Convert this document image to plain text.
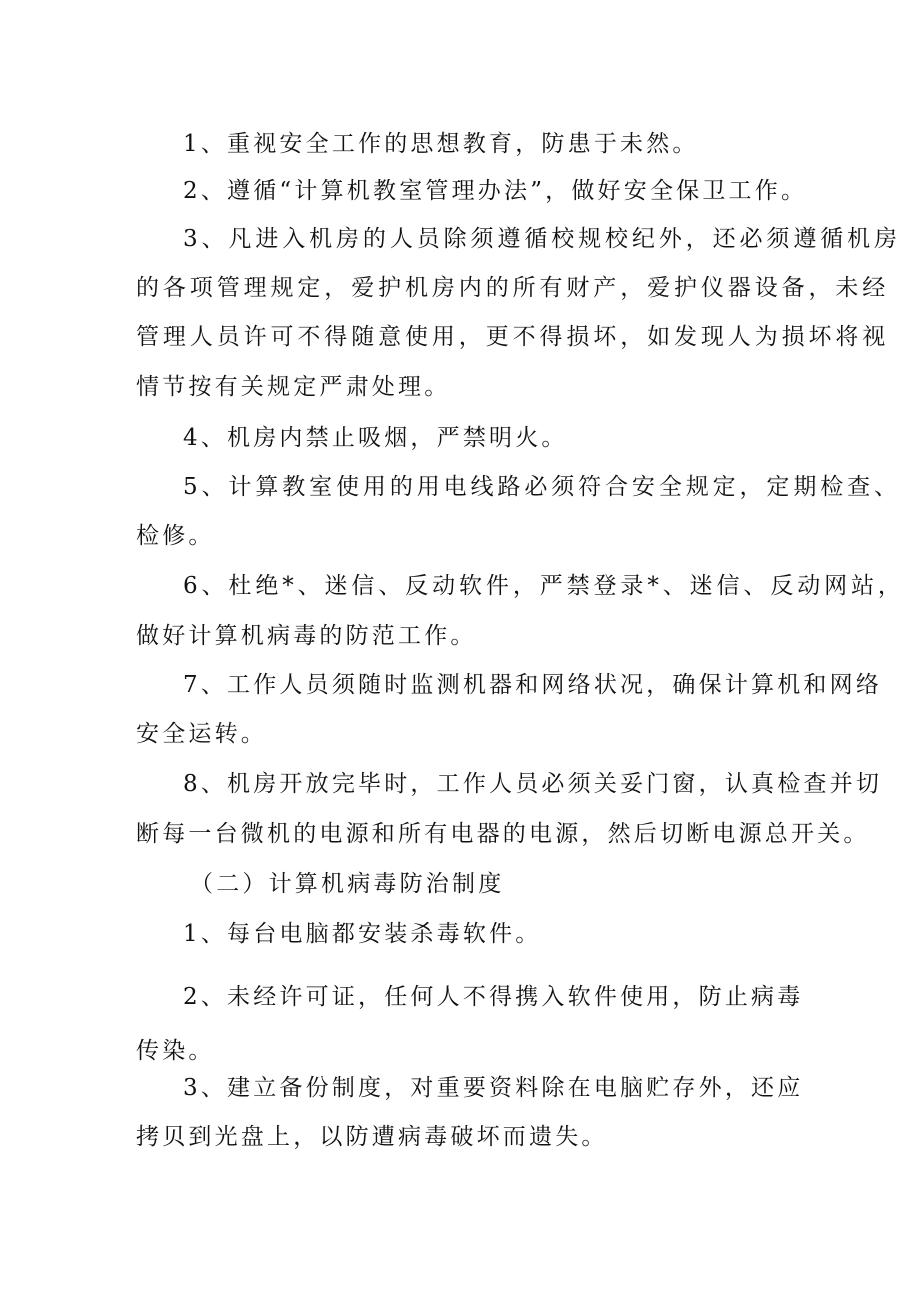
1、重视安全工作的思想教育，防患于未然。
2、遵循“计算机教室管理办法”，做好安全保卫工作。
3、凡进入机房的人员除须遵循校规校纪外，还必须遵循机房
的各项管理规定，爱护机房内的所有财产，爱护仪器设备，未经
管理人员许可不得随意使用，更不得损坏，如发现人为损坏将视
情节按有关规定严肃处理。
4、机房内禁止吸烟，严禁明火。
5、计算教室使用的用电线路必须符合安全规定，定期检查、
检修。
6、杜绝*、迷信、反动软件，严禁登录*、迷信、反动网站，
做好计算机病毒的防范工作。
7、工作人员须随时监测机器和网络状况，确保计算机和网络
安全运转。
8、机房开放完毕时，工作人员必须关妥门窗，认真检查并切
断每一台微机的电源和所有电器的电源，然后切断电源总开关。
（二）计算机病毒防治制度
1、每台电脑都安装杀毒软件。
2、未经许可证，任何人不得携入软件使用，防止病毒
传染。
3、建立备份制度，对重要资料除在电脑贮存外，还应
拷贝到光盘上，以防遭病毒破坏而遗失。
